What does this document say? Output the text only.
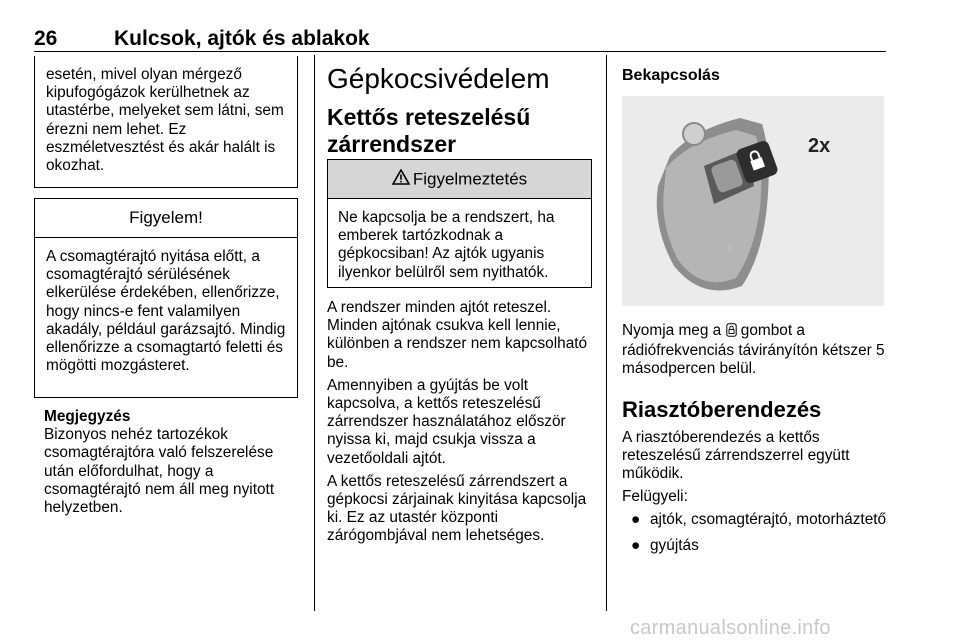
26	Kulcsok, ajtók és ablakok

esetén, mivel olyan mérgező kipufogógázok kerülhetnek az utastérbe, melyeket sem látni, sem érezni nem lehet. Ez eszméletvesztést és akár halált is okozhat.

Figyelem!

A csomagtérajtó nyitása előtt, a csomagtérajtó sérülésének elkerülése érdekében, ellenőrizze, hogy nincs-e fent valamilyen akadály, például garázsajtó. Mindig ellenőrizze a csomagtartó feletti és mögötti mozgásteret.

Megjegyzés

Bizonyos nehéz tartozékok csomagtérajtóra való felszerelése után előfordulhat, hogy a csomagtérajtó nem áll meg nyitott helyzetben.

Gépkocsivédelem

Kettős reteszelésű zárrendszer

Figyelmeztetés

Ne kapcsolja be a rendszert, ha emberek tartózkodnak a gépkocsiban! Az ajtók ugyanis ilyenkor belülről sem nyithatók.

A rendszer minden ajtót reteszel. Minden ajtónak csukva kell lennie, különben a rendszer nem kapcsolható be.

Amennyiben a gyújtás be volt kapcsolva, a kettős reteszelésű zárrendszer használatához először nyissa ki, majd csukja vissza a vezetőoldali ajtót.

A kettős reteszelésű zárrendszert a gépkocsi zárjainak kinyitása kapcsolja ki. Ez az utastér központi zárógombjával nem lehetséges.

Bekapcsolás

~
2x

Nyomja meg a gombot a rádiófrekvenciás távirányítón kétszer 5 másodpercen belül.

Riasztóberendezés

A riasztóberendezés a kettős reteszelésű zárrendszerrel együtt működik.

Felügyeli:

● ajtók, csomagtérajtó, motorháztető
● gyújtás
carmanualsonline.info
